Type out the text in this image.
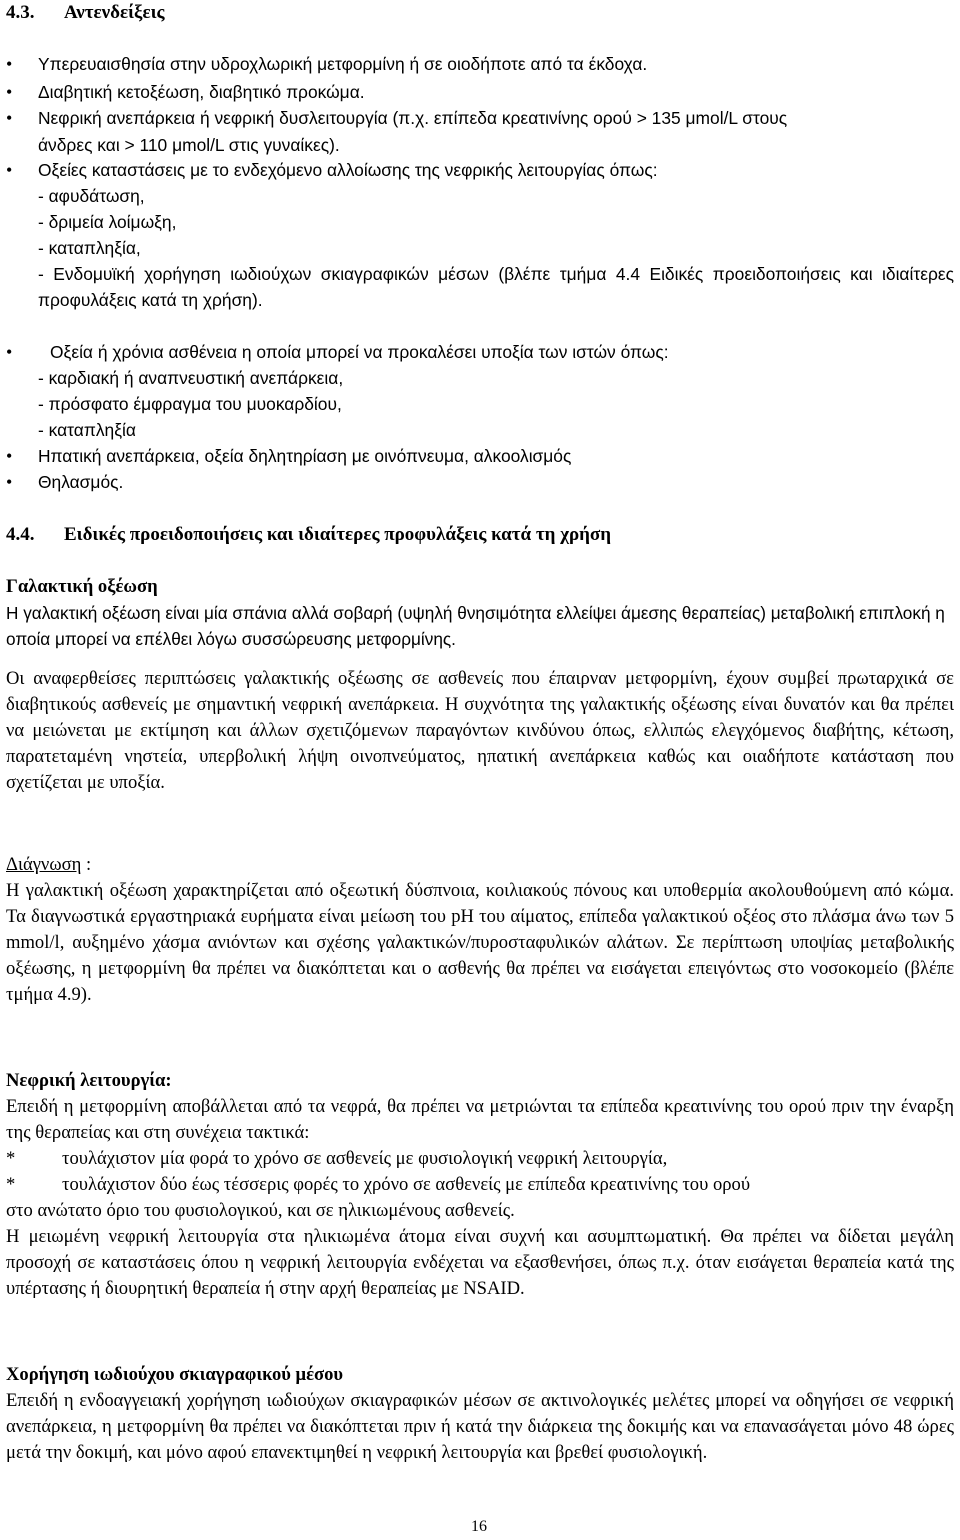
4.3. Αντενδείξεις
• Υπερευαισθησία στην υδροχλωρική μετφορμίνη ή σε οιοδήποτε από τα έκδοχα.
• Διαβητική κετοξέωση, διαβητικό προκώμα.
• Νεφρική ανεπάρκεια ή νεφρική δυσλειτουργία (π.χ. επίπεδα κρεατινίνης ορού > 135 μmol/L στους άνδρες και > 110 μmol/L στις γυναίκες).
• Οξείες καταστάσεις με το ενδεχόμενο αλλοίωσης της νεφρικής λειτουργίας όπως:
- αφυδάτωση,
- δριμεία λοίμωξη,
- καταπληξία,
- Ενδομυϊκή χορήγηση ιωδιούχων σκιαγραφικών μέσων (βλέπε τμήμα 4.4 Ειδικές προειδοποιήσεις και ιδιαίτερες προφυλάξεις κατά τη χρήση).
• Οξεία ή χρόνια ασθένεια η οποία μπορεί να προκαλέσει υποξία των ιστών όπως:
- καρδιακή ή αναπνευστική ανεπάρκεια,
- πρόσφατο έμφραγμα του μυοκαρδίου,
- καταπληξία
• Ηπατική ανεπάρκεια, οξεία δηλητηρίαση με οινόπνευμα, αλκοολισμός
• Θηλασμός.
4.4. Ειδικές προειδοποιήσεις και ιδιαίτερες προφυλάξεις κατά τη χρήση
Γαλακτική οξέωση

Η γαλακτική οξέωση είναι μία σπάνια αλλά σοβαρή (υψηλή θνησιμότητα ελλείψει άμεσης θεραπείας) μεταβολική επιπλοκή η οποία μπορεί να επέλθει λόγω συσσώρευσης μετφορμίνης.

Οι αναφερθείσες περιπτώσεις γαλακτικής οξέωσης σε ασθενείς που έπαιρναν μετφορμίνη, έχουν συμβεί πρωταρχικά σε διαβητικούς ασθενείς με σημαντική νεφρική ανεπάρκεια. Η συχνότητα της γαλακτικής οξέωσης είναι δυνατόν και θα πρέπει να μειώνεται με εκτίμηση και άλλων σχετιζόμενων παραγόντων κινδύνου όπως, ελλιπώς ελεγχόμενος διαβήτης, κέτωση, παρατεταμένη νηστεία, υπερβολική λήψη οινοπνεύματος, ηπατική ανεπάρκεια καθώς και οιαδήποτε κατάσταση που σχετίζεται με υποξία.

Διάγνωση :

Η γαλακτική οξέωση χαρακτηρίζεται από οξεωτική δύσπνοια, κοιλιακούς πόνους και υποθερμία ακολουθούμενη από κώμα. Τα διαγνωστικά εργαστηριακά ευρήματα είναι μείωση του pH του αίματος, επίπεδα γαλακτικού οξέος στο πλάσμα άνω των 5 mmol/l, αυξημένο χάσμα ανιόντων και σχέσης γαλακτικών/πυροσταφυλικών αλάτων. Σε περίπτωση υποψίας μεταβολικής οξέωσης, η μετφορμίνη θα πρέπει να διακόπτεται και ο ασθενής θα πρέπει να εισάγεται επειγόντως στο νοσοκομείο (βλέπε τμήμα 4.9).

Νεφρική λειτουργία:

Επειδή η μετφορμίνη αποβάλλεται από τα νεφρά, θα πρέπει να μετριώνται τα επίπεδα κρεατινίνης του ορού πριν την έναρξη της θεραπείας και στη συνέχεια τακτικά:

*	τουλάχιστον μία φορά το χρόνο σε ασθενείς με φυσιολογική νεφρική λειτουργία,
*	τουλάχιστον δύο έως τέσσερις φορές το χρόνο σε ασθενείς με επίπεδα κρεατινίνης του ορού

στο ανώτατο όριο του φυσιολογικού, και σε ηλικιωμένους ασθενείς.

Η μειωμένη νεφρική λειτουργία στα ηλικιωμένα άτομα είναι συχνή και ασυμπτωματική. Θα πρέπει να δίδεται μεγάλη προσοχή σε καταστάσεις όπου η νεφρική λειτουργία ενδέχεται να εξασθενήσει, όπως π.χ. όταν εισάγεται θεραπεία κατά της υπέρτασης ή διουρητική θεραπεία ή στην αρχή θεραπείας με NSAID.

Χορήγηση ιωδιούχου σκιαγραφικού μέσου

Επειδή η ενδοαγγειακή χορήγηση ιωδιούχων σκιαγραφικών μέσων σε ακτινολογικές μελέτες μπορεί να οδηγήσει σε νεφρική ανεπάρκεια, η μετφορμίνη θα πρέπει να διακόπτεται πριν ή κατά την διάρκεια της δοκιμής και να επανασάγεται μόνο 48 ώρες μετά την δοκιμή, και μόνο αφού επανεκτιμηθεί η νεφρική λειτουργία και βρεθεί φυσιολογική.

16
